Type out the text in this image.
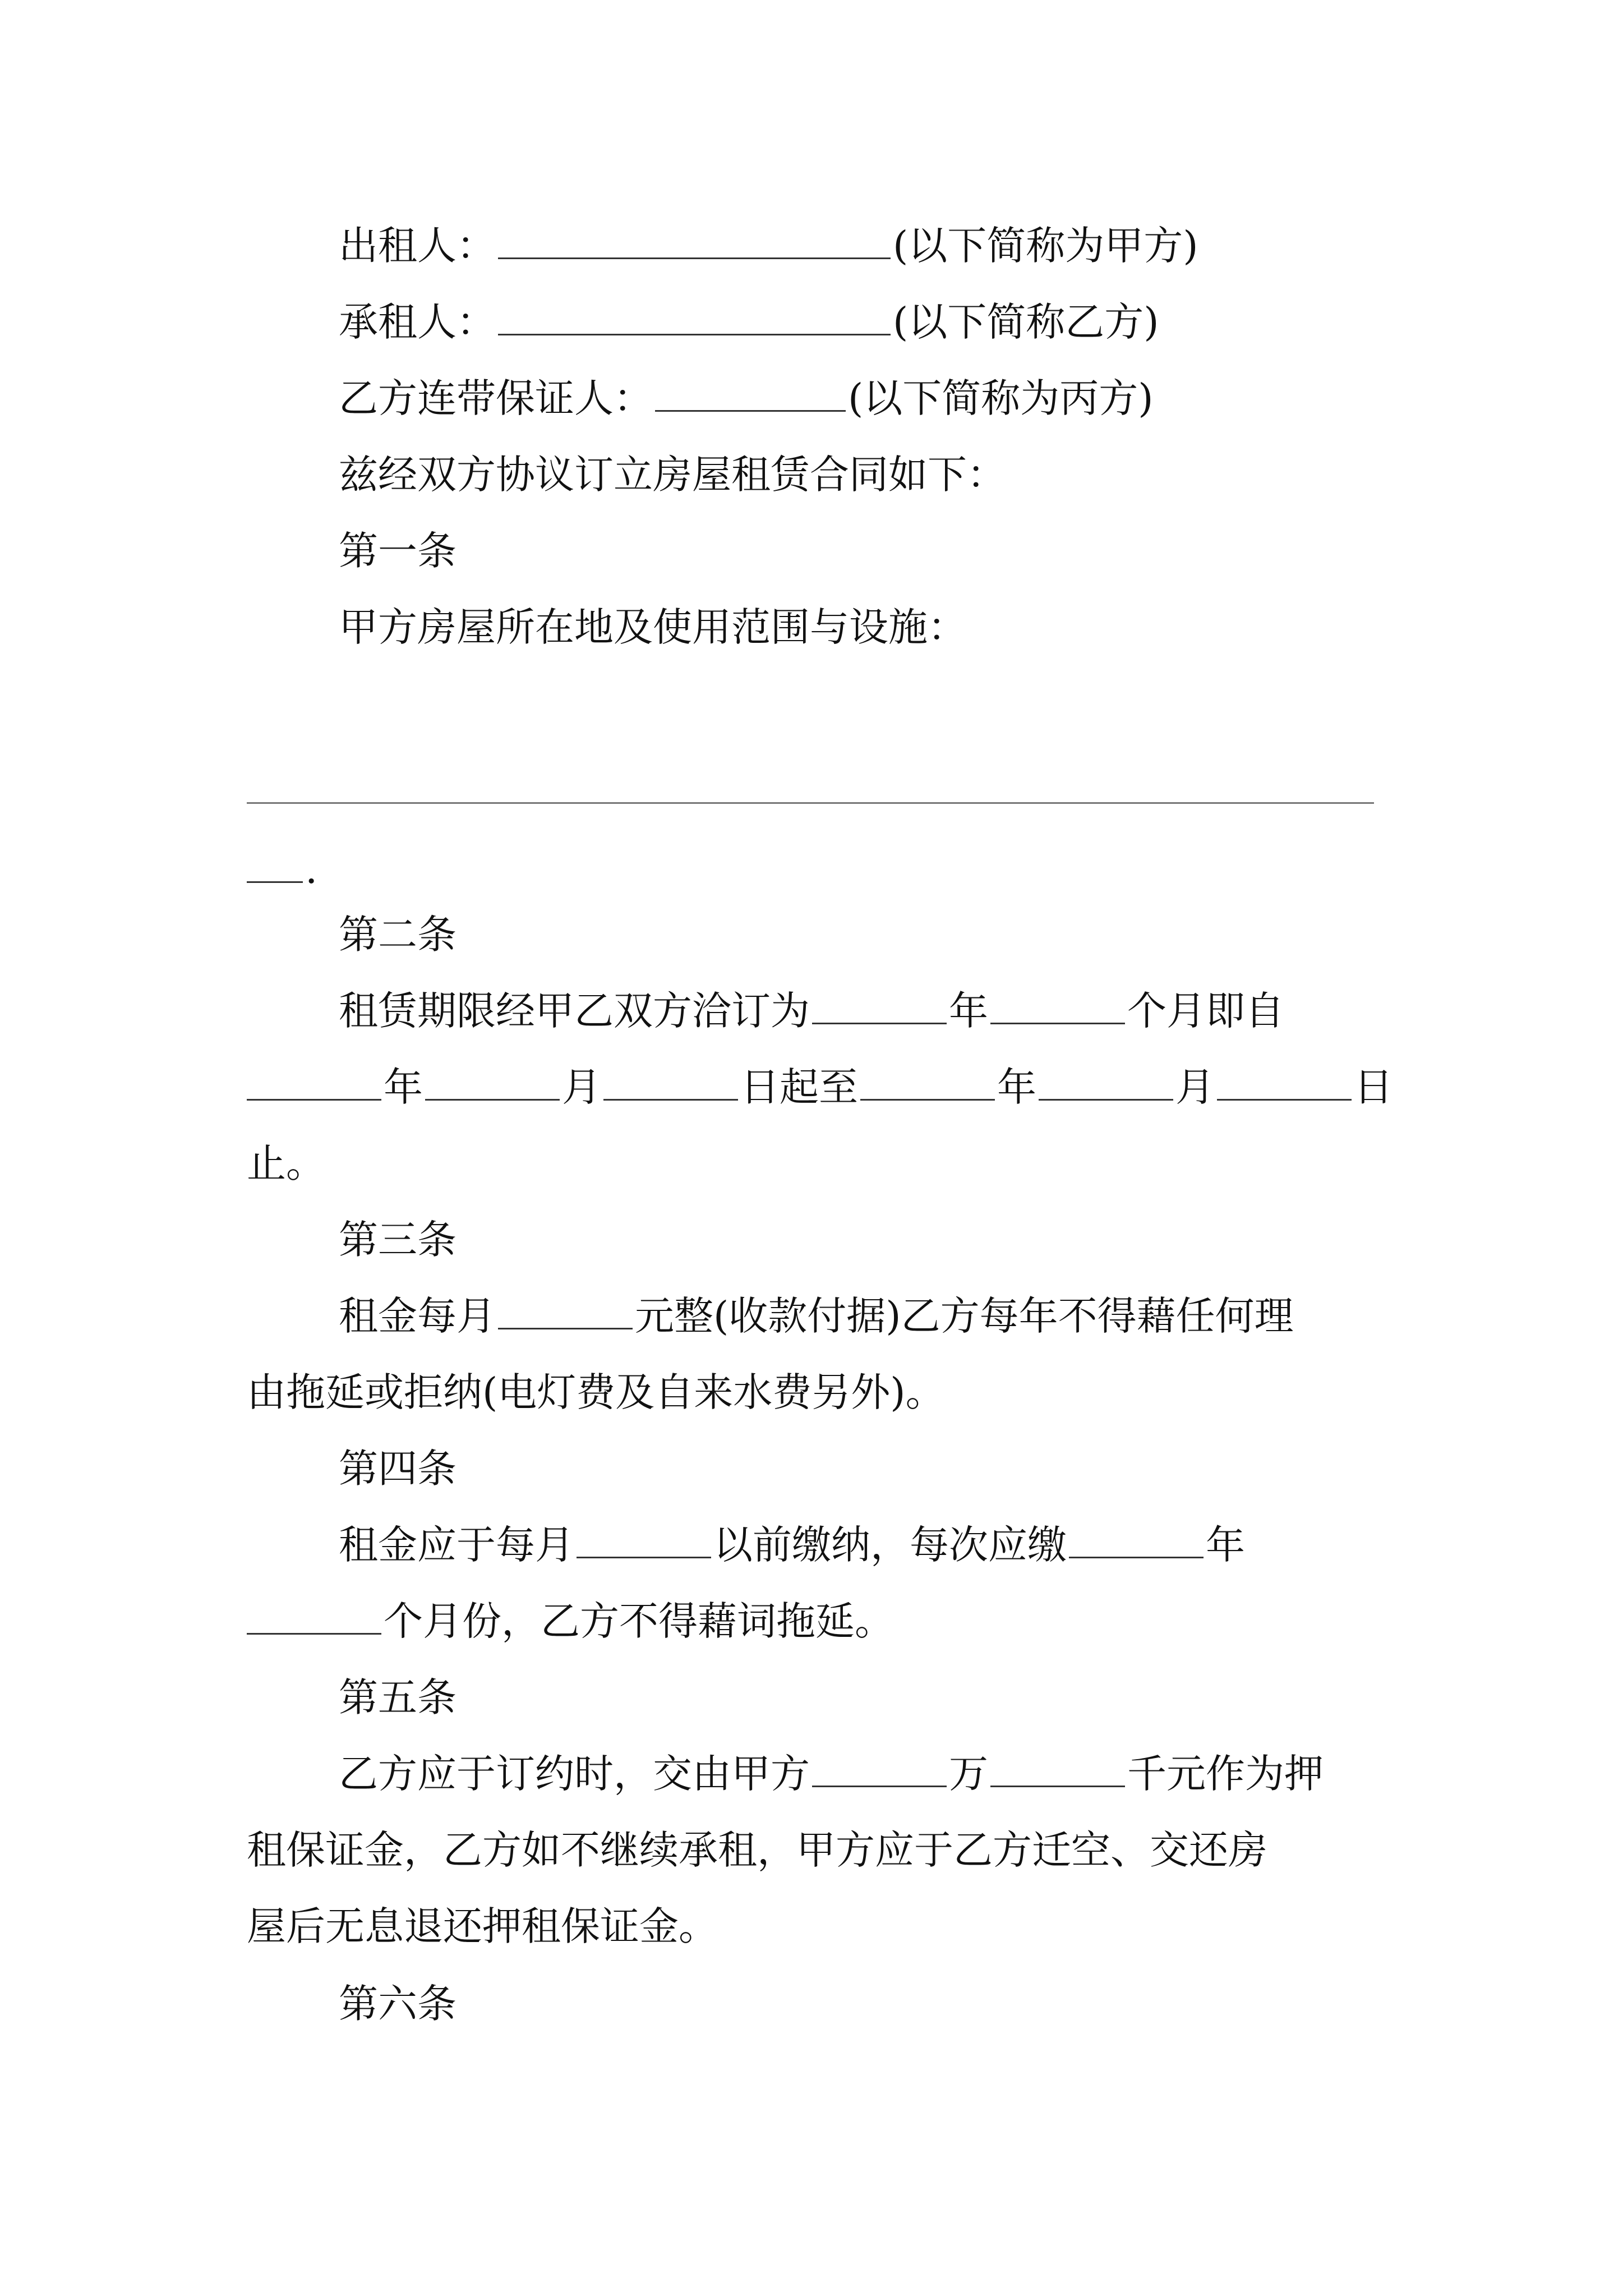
出租人：	(以下简称为甲方)
承租人：	(以下简称乙方)
乙方连带保证人：	(以下简称为丙方)
兹经双方协议订立房屋租赁合同如下：
第一条
甲方房屋所在地及使用范围与设施：
.
第二条
租赁期限经甲乙双方洽订为	年	个月即自
年	月	日起至	年	月	日
止。
第三条
租金每月	元整(收款付据)乙方每年不得藉任何理
由拖延或拒纳(电灯费及自来水费另外)。
第四条
租金应于每月	以前缴纳，每次应缴	年
个月份，乙方不得藉词拖延。
第五条
乙方应于订约时，交由甲方	万	千元作为押
租保证金，乙方如不继续承租，甲方应于乙方迁空、交还房
屋后无息退还押租保证金。
第六条
